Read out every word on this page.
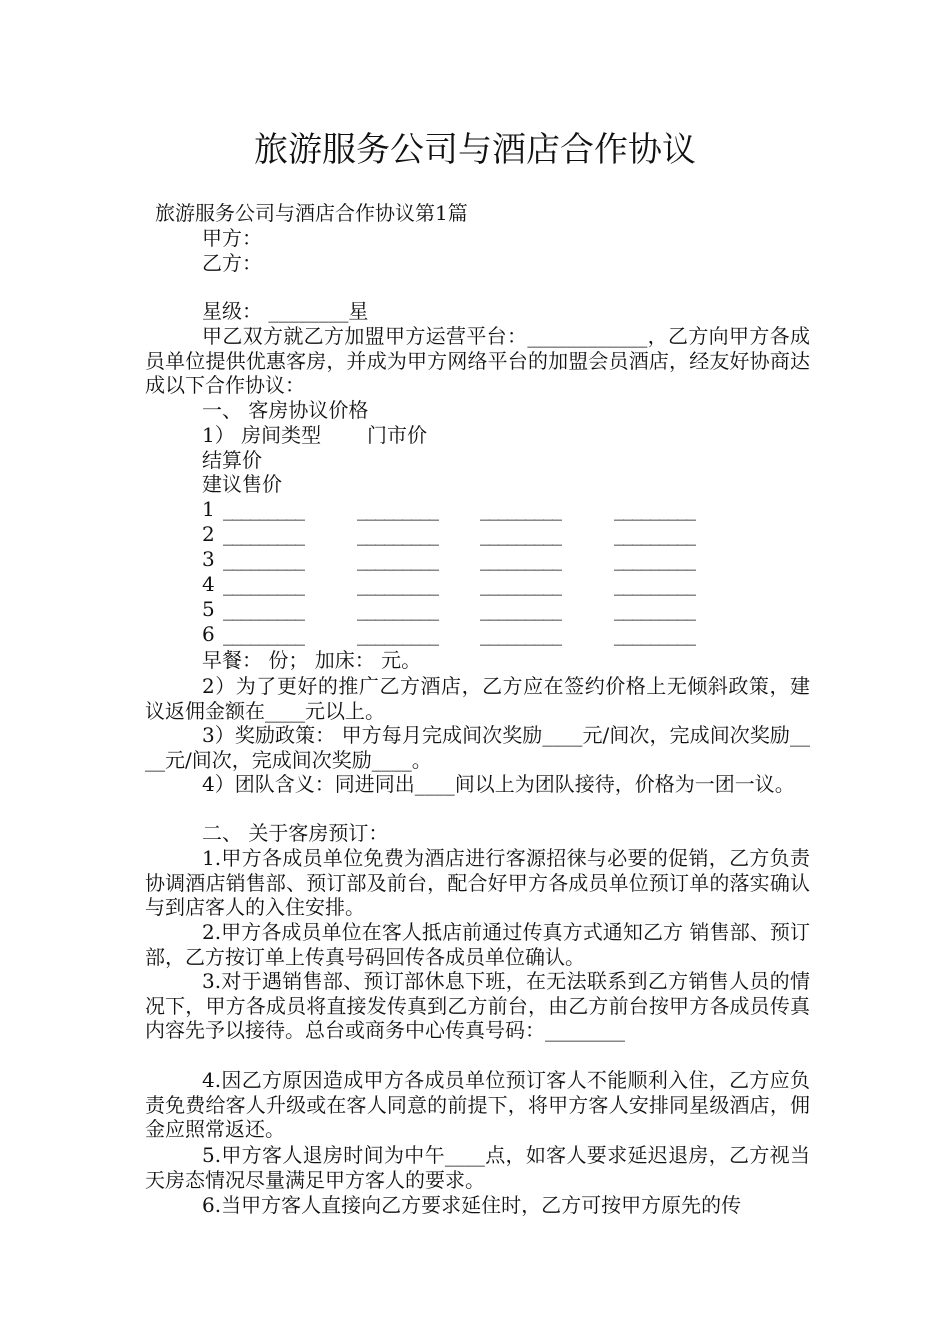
旅游服务公司与酒店合作协议
旅游服务公司与酒店合作协议第1篇
甲方：
乙方：
星级： ________星
甲乙双方就乙方加盟甲方运营平台：____________，乙方向甲方各成员单位提供优惠客房，并成为甲方网络平台的加盟会员酒店，经友好协商达成以下合作协议：
一、 客房协议价格
1） 房间类型 门市价
结算价
建议售价
1 _________	_________ _________	_________
2 _________	_________ _________	_________
3 _________	_________ _________	_________
4 _________	_________ _________	_________
5 _________	_________ _________	_________
6 _________	_________ _________	_________
早餐： 份； 加床： 元。
2）为了更好的推广乙方酒店，乙方应在签约价格上无倾斜政策，建议返佣金额在____元以上。
3）奖励政策： 甲方每月完成间次奖励____元/间次，完成间次奖励____元/间次，完成间次奖励____。
4）团队含义：同进同出____间以上为团队接待，价格为一团一议。
二、 关于客房预订：
1.甲方各成员单位免费为酒店进行客源招徕与必要的促销，乙方负责协调酒店销售部、预订部及前台，配合好甲方各成员单位预订单的落实确认与到店客人的入住安排。
2.甲方各成员单位在客人抵店前通过传真方式通知乙方 销售部、预订部，乙方按订单上传真号码回传各成员单位确认。
3.对于遇销售部、预订部休息下班，在无法联系到乙方销售人员的情况下，甲方各成员将直接发传真到乙方前台，由乙方前台按甲方各成员传真内容先予以接待。总台或商务中心传真号码：________
4.因乙方原因造成甲方各成员单位预订客人不能顺利入住，乙方应负责免费给客人升级或在客人同意的前提下，将甲方客人安排同星级酒店，佣金应照常返还。
5.甲方客人退房时间为中午____点，如客人要求延迟退房，乙方视当天房态情况尽量满足甲方客人的要求。
6.当甲方客人直接向乙方要求延住时，乙方可按甲方原先的传
